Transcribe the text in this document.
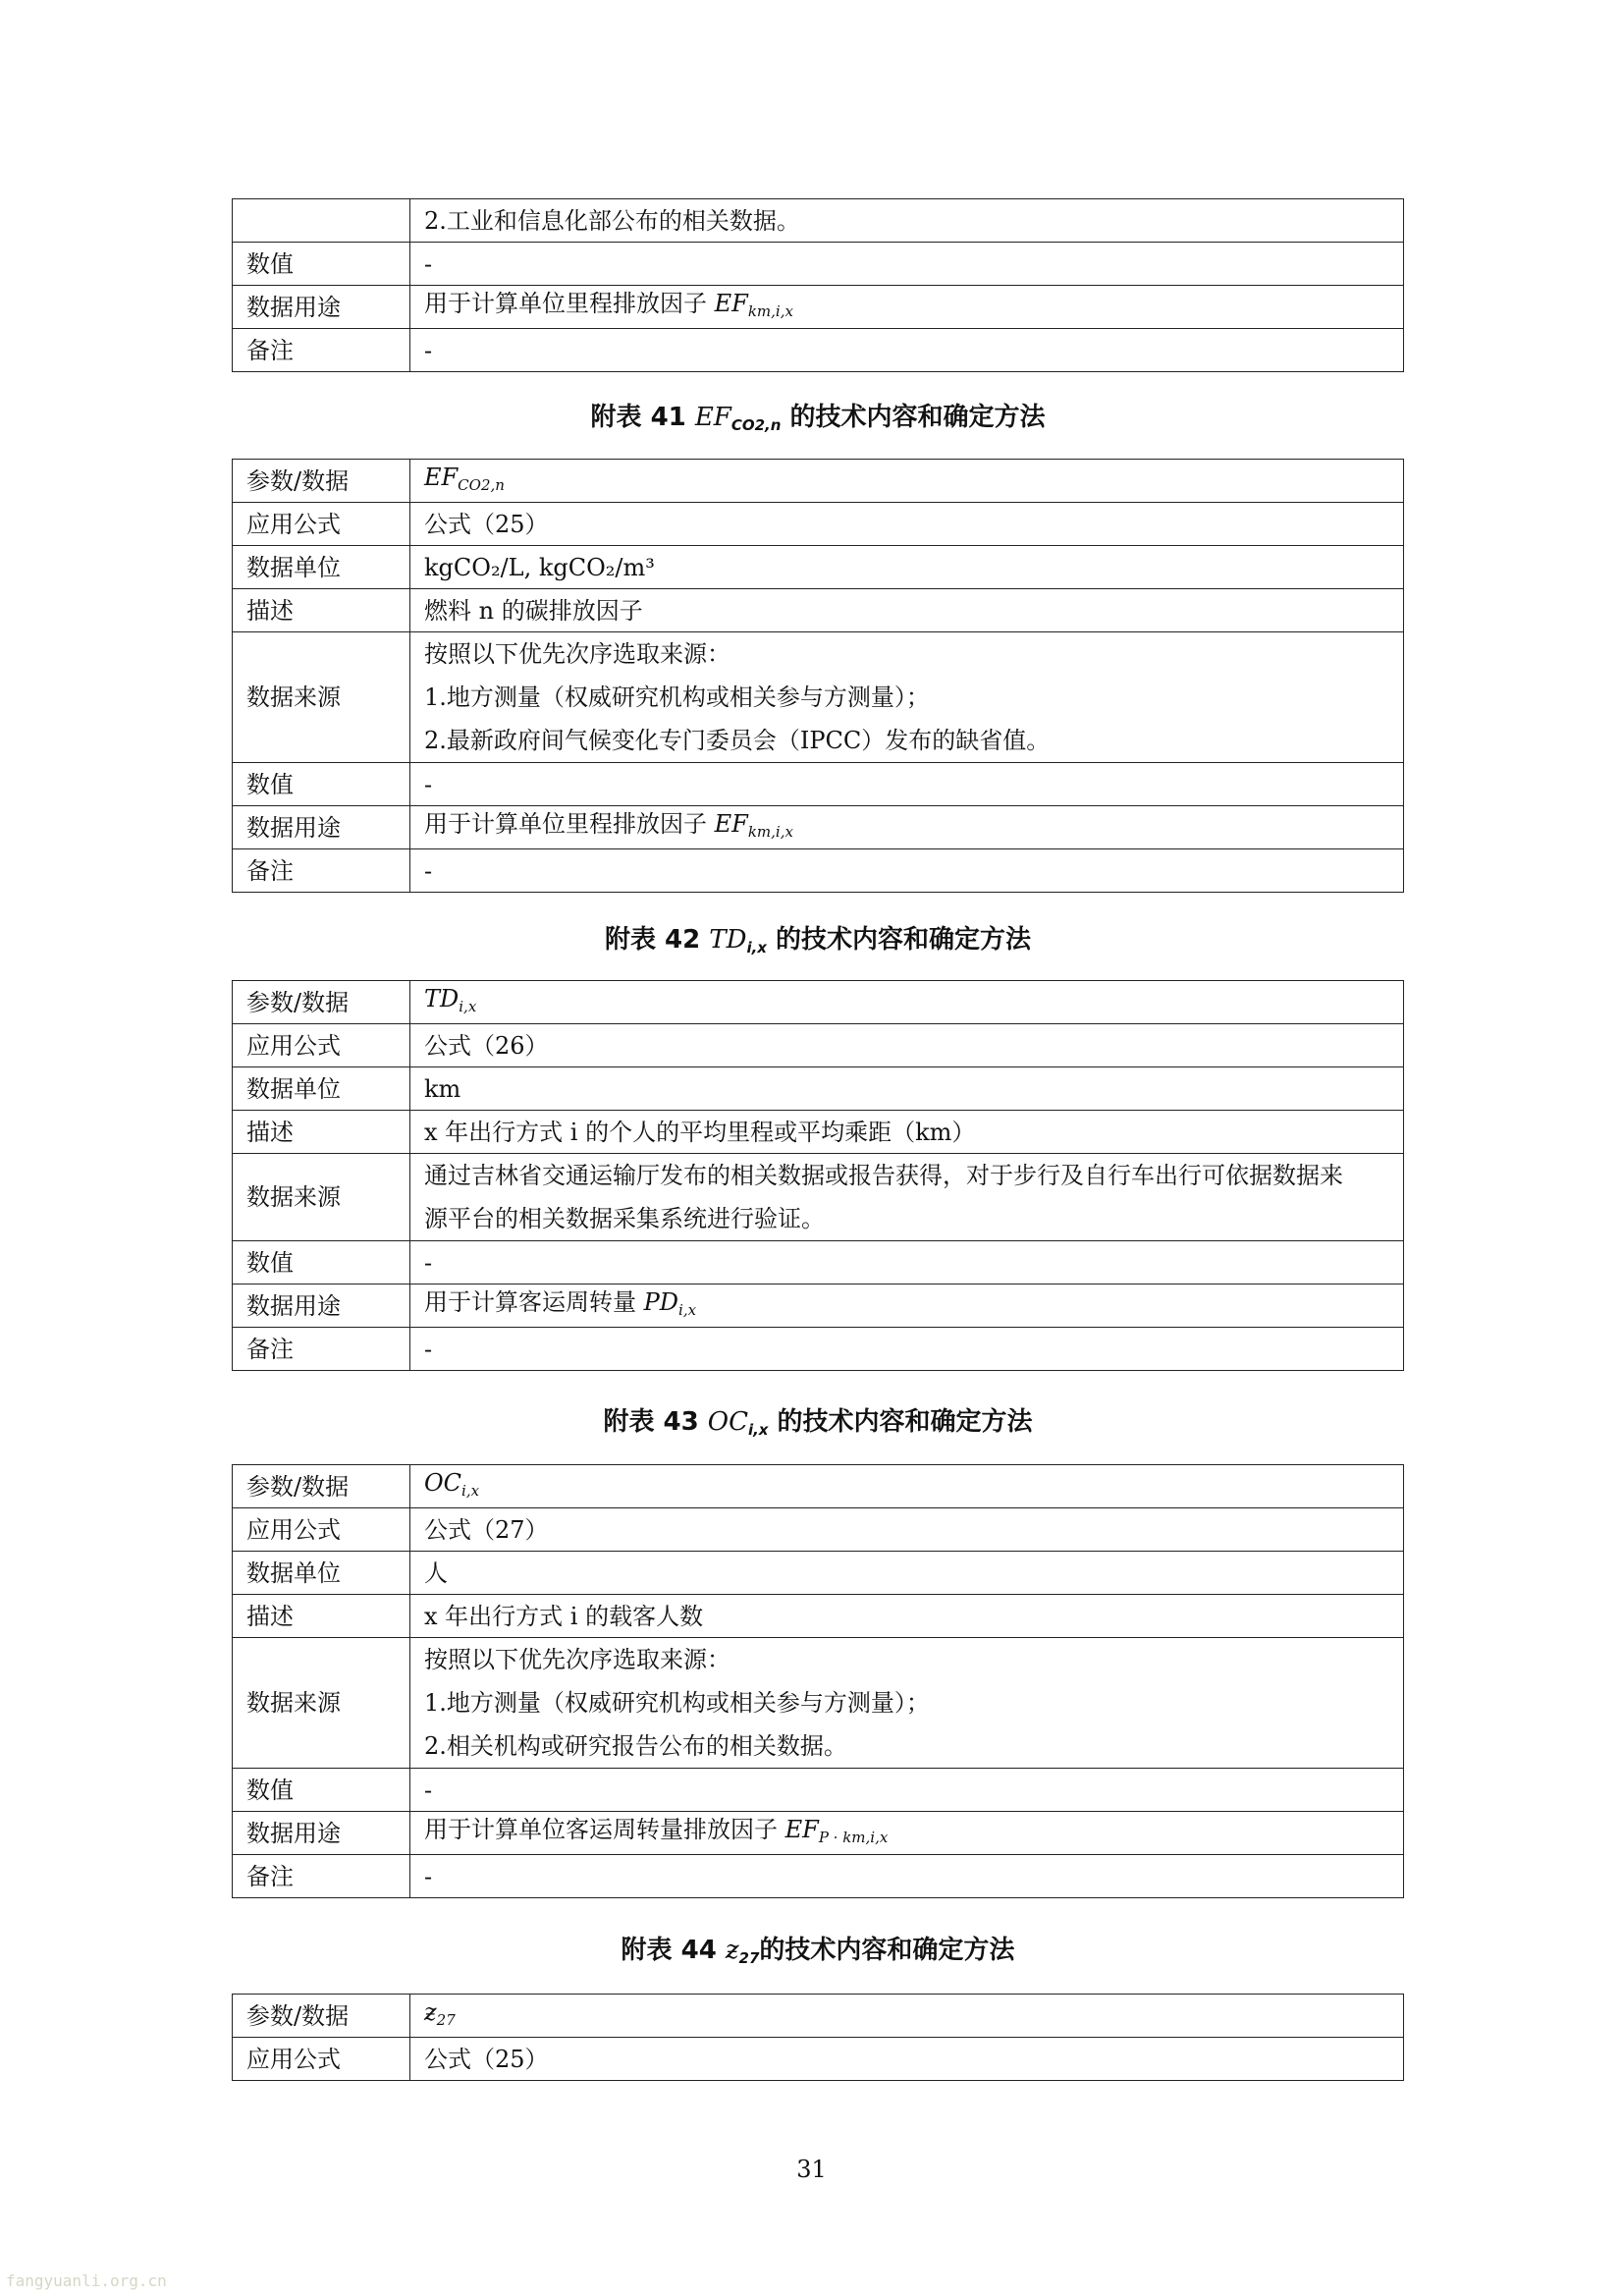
	2.工业和信息化部公布的相关数据。
数值	-
数据用途	用于计算单位里程排放因子 $EF_{km,i,x}$
备注	-
附表 41 $EF_{CO2,n}$ 的技术内容和确定方法
参数/数据	$EF_{CO2,n}$
应用公式	公式（25）
数据单位	kgCO₂/L, kgCO₂/m³
描述	燃料 n 的碳排放因子
数据来源	按照以下优先次序选取来源：
1.地方测量（权威研究机构或相关参与方测量）；
2.最新政府间气候变化专门委员会（IPCC）发布的缺省值。

数值	-
数据用途	用于计算单位里程排放因子 $EF_{km,i,x}$
备注	-
附表 42 $TD_{i,x}$ 的技术内容和确定方法
参数/数据	$TD_{i,x}$
应用公式	公式（26）
数据单位	km
描述	x 年出行方式 i 的个人的平均里程或平均乘距（km）
数据来源	通过吉林省交通运输厅发布的相关数据或报告获得，对于步行及自行车出行可依据数据来
源平台的相关数据采集系统进行验证。

数值	-
数据用途	用于计算客运周转量 $PD_{i,x}$
备注	-
附表 43 $OC_{i,x}$ 的技术内容和确定方法
参数/数据	$OC_{i,x}$
应用公式	公式（27）
数据单位	人
描述	x 年出行方式 i 的载客人数
数据来源	按照以下优先次序选取来源：
1.地方测量（权威研究机构或相关参与方测量）；
2.相关机构或研究报告公布的相关数据。

数值	-
数据用途	用于计算单位客运周转量排放因子 $EF_{P \cdot km,i,x}$
备注	-
附表 44 $ƶ_{27}$的技术内容和确定方法
参数/数据	$ƶ_{27}$
应用公式	公式（25）
31
fangyuanli.org.cn
